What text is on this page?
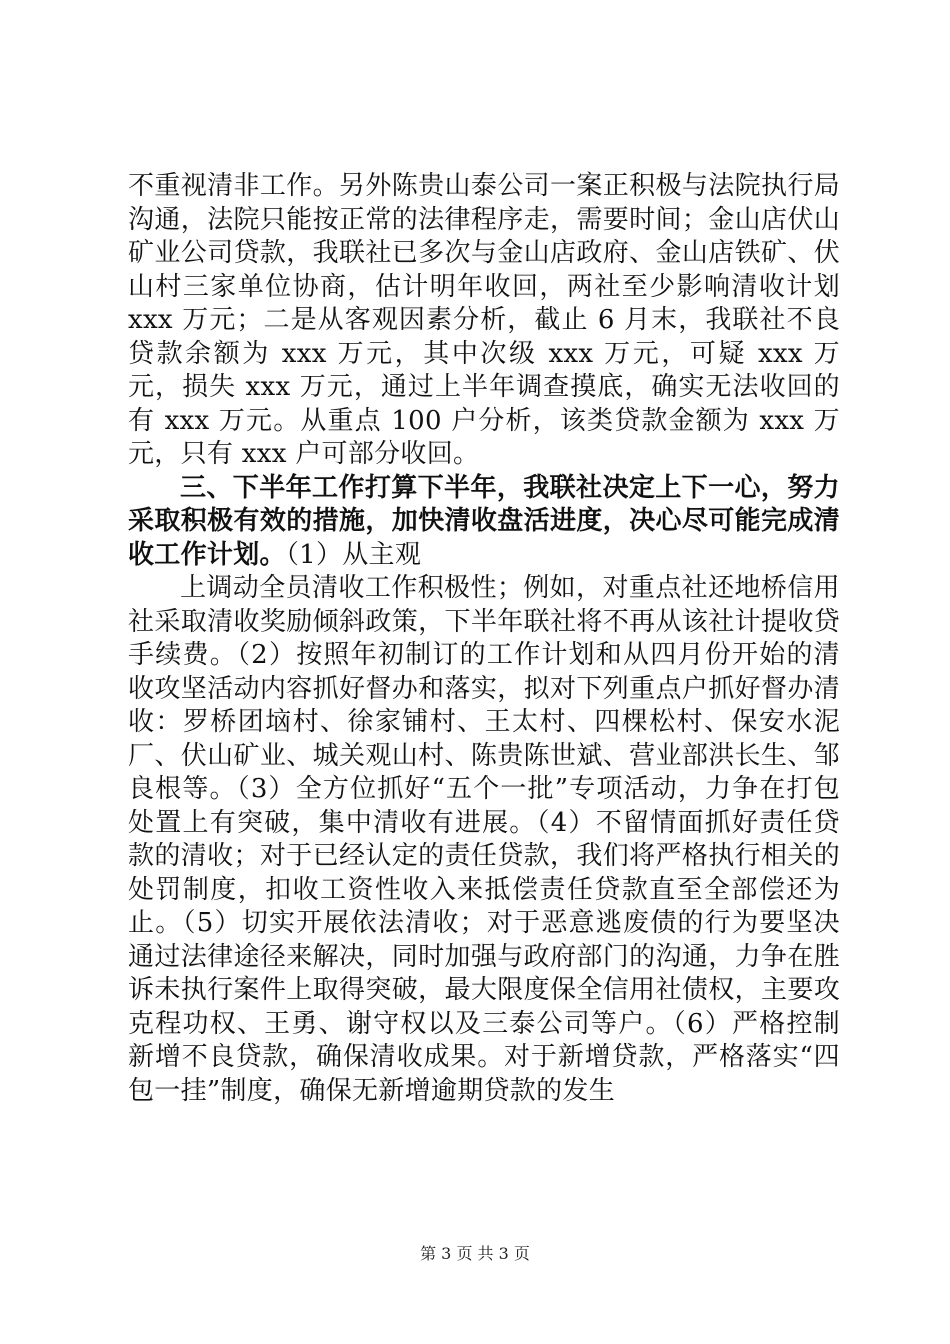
不重视清非工作。另外陈贵山泰公司一案正积极与法院执行局沟通，法院只能按正常的法律程序走，需要时间；金山店伏山矿业公司贷款，我联社已多次与金山店政府、金山店铁矿、伏山村三家单位协商，估计明年收回，两社至少影响清收计划 xxx 万元；二是从客观因素分析，截止 6 月末，我联社不良贷款余额为 xxx 万元，其中次级 xxx 万元，可疑 xxx 万元，损失 xxx 万元，通过上半年调查摸底，确实无法收回的有 xxx 万元。从重点 100 户分析，该类贷款金额为 xxx 万元，只有 xxx 户可部分收回。

三、下半年工作打算下半年，我联社决定上下一心，努力采取积极有效的措施，加快清收盘活进度，决心尽可能完成清收工作计划。（1）从主观

上调动全员清收工作积极性；例如，对重点社还地桥信用社采取清收奖励倾斜政策，下半年联社将不再从该社计提收贷手续费。（2）按照年初制订的工作计划和从四月份开始的清收攻坚活动内容抓好督办和落实，拟对下列重点户抓好督办清收：罗桥团垴村、徐家铺村、王太村、四棵松村、保安水泥厂、伏山矿业、城关观山村、陈贵陈世斌、营业部洪长生、邹良根等。（3）全方位抓好“五个一批”专项活动，力争在打包处置上有突破，集中清收有进展。（4）不留情面抓好责任贷款的清收；对于已经认定的责任贷款，我们将严格执行相关的处罚制度，扣收工资性收入来抵偿责任贷款直至全部偿还为止。（5）切实开展依法清收；对于恶意逃废债的行为要坚决通过法律途径来解决，同时加强与政府部门的沟通，力争在胜诉未执行案件上取得突破，最大限度保全信用社债权，主要攻克程功权、王勇、谢守权以及三泰公司等户。（6）严格控制新增不良贷款，确保清收成果。对于新增贷款，严格落实“四包一挂”制度，确保无新增逾期贷款的发生

第 3 页 共 3 页
